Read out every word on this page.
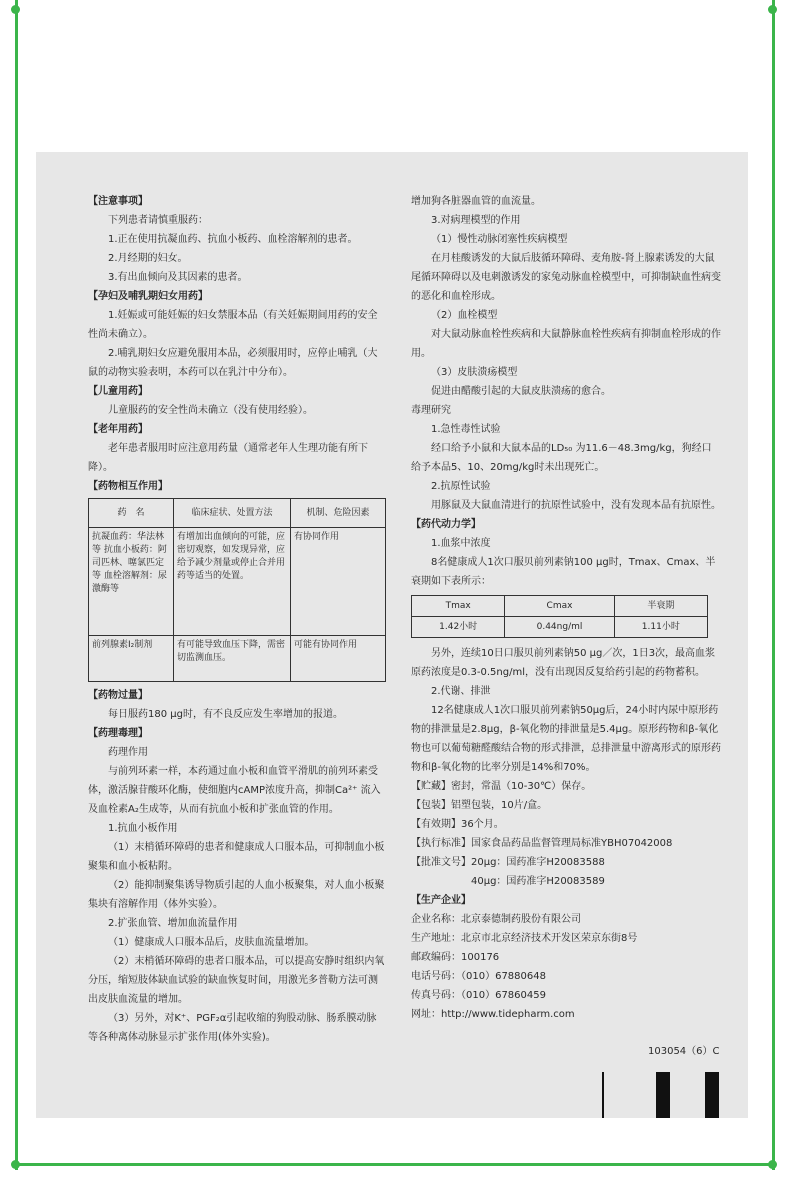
【注意事项】

下列患者请慎重服药：

1.正在使用抗凝血药、抗血小板药、血栓溶解剂的患者。

2.月经期的妇女。

3.有出血倾向及其因素的患者。

【孕妇及哺乳期妇女用药】

1.妊娠或可能妊娠的妇女禁服本品（有关妊娠期间用药的安全性尚未确立）。

2.哺乳期妇女应避免服用本品，必须服用时，应停止哺乳（大鼠的动物实验表明，本药可以在乳汁中分布）。

【儿童用药】

儿童服药的安全性尚未确立（没有使用经验）。

【老年用药】

老年患者服用时应注意用药量（通常老年人生理功能有所下降）。

【药物相互作用】

药　名	临床症状、处置方法	机制、危险因素
抗凝血药：华法林等 抗血小板药：阿司匹林、噻氯匹定等 血栓溶解剂：尿激酶等	有增加出血倾向的可能，应密切观察，如发现异常，应给予减少剂量或停止合并用药等适当的处置。	有协同作用
前列腺素I₂制剂	有可能导致血压下降，需密切监测血压。	可能有协同作用

【药物过量】

每日服药180 μg时，有不良反应发生率增加的报道。

【药理毒理】

药理作用

与前列环素一样，本药通过血小板和血管平滑肌的前列环素受体，激活腺苷酸环化酶，使细胞内cAMP浓度升高，抑制Ca²⁺ 流入及血栓素A₂生成等，从而有抗血小板和扩张血管的作用。

1.抗血小板作用

（1）末梢循环障碍的患者和健康成人口服本品，可抑制血小板聚集和血小板粘附。

（2）能抑制聚集诱导物质引起的人血小板聚集，对人血小板聚集块有溶解作用（体外实验）。

2.扩张血管、增加血流量作用

（1）健康成人口服本品后，皮肤血流量增加。

（2）末梢循环障碍的患者口服本品，可以提高安静时组织内氧分压，缩短肢体缺血试验的缺血恢复时间，用激光多普勒方法可测出皮肤血流量的增加。

（3）另外，对K⁺、PGF₂α引起收缩的狗股动脉、肠系膜动脉等各种离体动脉显示扩张作用(体外实验)。

增加狗各脏器血管的血流量。

3.对病理模型的作用

（1）慢性动脉闭塞性疾病模型

在月桂酸诱发的大鼠后肢循环障碍、麦角胺-肾上腺素诱发的大鼠尾循环障碍以及电刺激诱发的家兔动脉血栓模型中，可抑制缺血性病变的恶化和血栓形成。

（2）血栓模型

对大鼠动脉血栓性疾病和大鼠静脉血栓性疾病有抑制血栓形成的作用。

（3）皮肤溃疡模型

促进由醋酸引起的大鼠皮肤溃疡的愈合。

毒理研究

1.急性毒性试验

经口给予小鼠和大鼠本品的LD₅₀ 为11.6－48.3mg/kg，狗经口给予本品5、10、20mg/kg时未出现死亡。

2.抗原性试验

用豚鼠及大鼠血清进行的抗原性试验中，没有发现本品有抗原性。

【药代动力学】

1.血浆中浓度

8名健康成人1次口服贝前列素钠100 μg时，Tmax、Cmax、半衰期如下表所示：

Tmax	Cmax	半衰期
1.42小时	0.44ng/ml	1.11小时

另外，连续10日口服贝前列素钠50 μg／次，1日3次，最高血浆原药浓度是0.3-0.5ng/ml，没有出现因反复给药引起的药物蓄积。

2.代谢、排泄

12名健康成人1次口服贝前列素钠50μg后，24小时内尿中原形药物的排泄量是2.8μg，β-氧化物的排泄量是5.4μg。原形药物和β-氧化物也可以葡萄糖醛酸结合物的形式排泄，总排泄量中游离形式的原形药物和β-氧化物的比率分别是14%和70%。

【贮藏】密封，常温（10-30℃）保存。

【包装】铝塑包装，10片/盒。

【有效期】36个月。

【执行标准】国家食品药品监督管理局标准YBH07042008

【批准文号】20μg：国药准字H20083588

　　　　40μg：国药准字H20083589

【生产企业】

企业名称：北京泰德制药股份有限公司

生产地址：北京市北京经济技术开发区荣京东街8号

邮政编码：100176

电话号码：（010）67880648

传真号码：（010）67860459

网址：http://www.tidepharm.com

103054（6）C
